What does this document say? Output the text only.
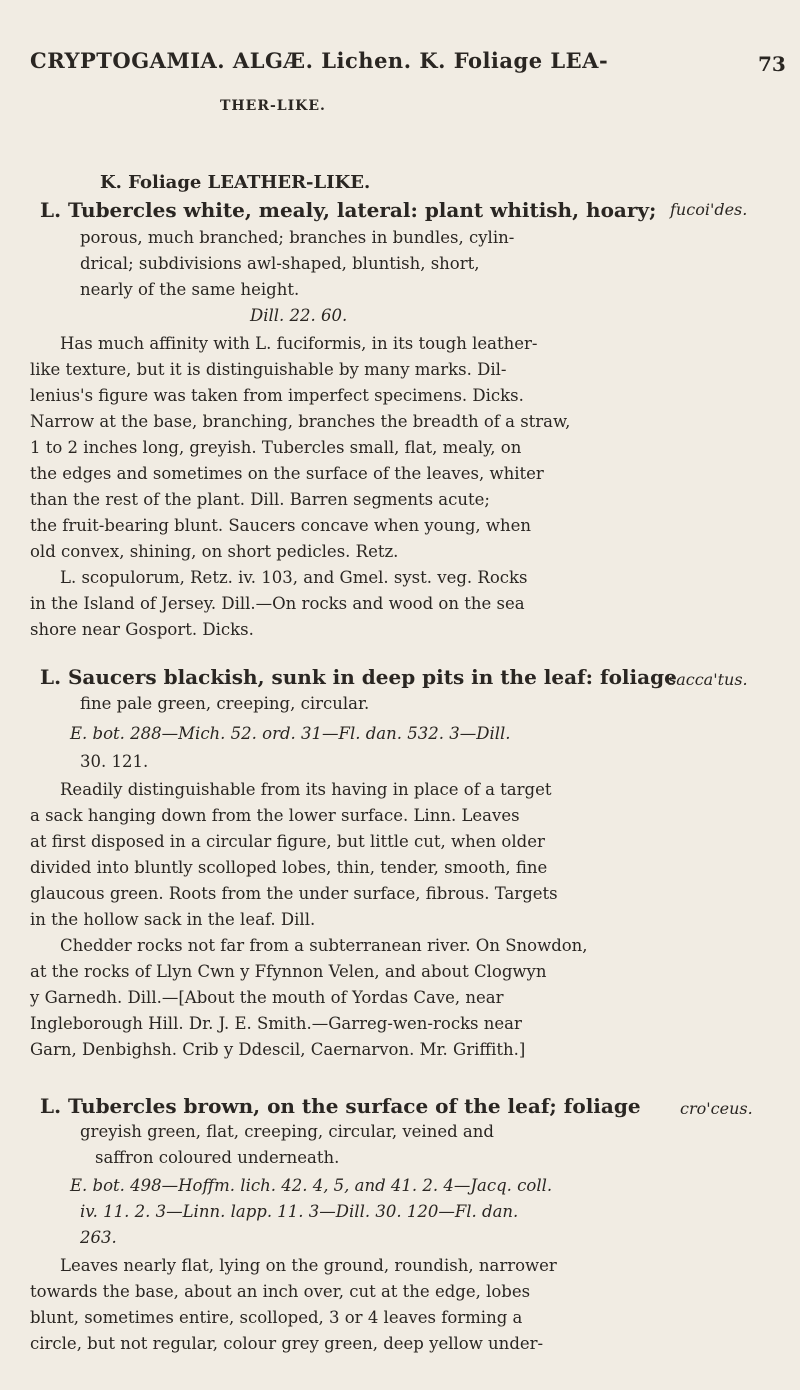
CRYPTOGAMIA. ALGÆ. Lichen. K. Foliage LEA-	73
THER-LIKE.
K. Foliage LEATHER-LIKE.
L. Tubercles white, mealy, lateral: plant whitish, hoary; fucoi'des.
porous, much branched; branches in bundles, cylin-
drical; subdivisions awl-shaped, bluntish, short,
nearly of the same height.
Dill. 22. 60.
Has much affinity with L. fuciformis, in its tough leather-
like texture, but it is distinguishable by many marks. Dil-
lenius's figure was taken from imperfect specimens. Dicks.
Narrow at the base, branching, branches the breadth of a straw,
1 to 2 inches long, greyish. Tubercles small, flat, mealy, on
the edges and sometimes on the surface of the leaves, whiter
than the rest of the plant. Dill. Barren segments acute;
the fruit-bearing blunt. Saucers concave when young, when
old convex, shining, on short pedicles. Retz.
L. scopulorum, Retz. iv. 103, and Gmel. syst. veg. Rocks
in the Island of Jersey. Dill.—On rocks and wood on the sea
shore near Gosport. Dicks.
L. Saucers blackish, sunk in deep pits in the leaf: foliage
sacca'tus.
fine pale green, creeping, circular.
E. bot. 288—Mich. 52. ord. 31—Fl. dan. 532. 3—Dill.
30. 121.
Readily distinguishable from its having in place of a target
a sack hanging down from the lower surface. Linn. Leaves
at first disposed in a circular figure, but little cut, when older
divided into bluntly scolloped lobes, thin, tender, smooth, fine
glaucous green. Roots from the under surface, fibrous. Targets
in the hollow sack in the leaf. Dill.
Chedder rocks not far from a subterranean river. On Snowdon,
at the rocks of Llyn Cwn y Ffynnon Velen, and about Clogwyn
y Garnedh. Dill.—[About the mouth of Yordas Cave, near
Ingleborough Hill. Dr. J. E. Smith.—Garreg-wen-rocks near
Garn, Denbighsh. Crib y Ddescil, Caernarvon. Mr. Griffith.]
L. Tubercles brown, on the surface of the leaf; foliage cro'ceus.
greyish green, flat, creeping, circular, veined and
saffron coloured underneath.
E. bot. 498—Hoffm. lich. 42. 4, 5, and 41. 2. 4—Jacq. coll.
iv. 11. 2. 3—Linn. lapp. 11. 3—Dill. 30. 120—Fl. dan.
263.
Leaves nearly flat, lying on the ground, roundish, narrower
towards the base, about an inch over, cut at the edge, lobes
blunt, sometimes entire, scolloped, 3 or 4 leaves forming a
circle, but not regular, colour grey green, deep yellow under-
